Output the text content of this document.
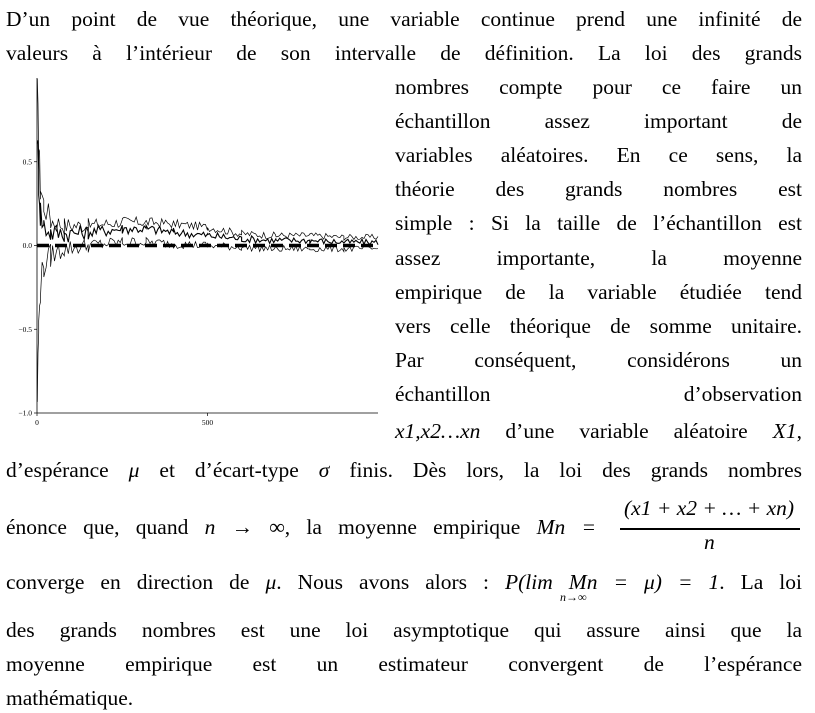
D’un point de vue théorique, une variable continue prend une infinité de
valeurs à l’intérieur de son intervalle de définition. La loi des grands
nombres compte pour ce faire un
échantillon assez important de
variables aléatoires. En ce sens, la
théorie des grands nombres est
simple : Si la taille de l’échantillon est
assez importante, la moyenne
empirique de la variable étudiée tend
vers celle théorique de somme unitaire.
Par conséquent, considérons un
échantillon d’observation
x1,x2…xn d’une variable aléatoire X1,
d’espérance μ et d’écart-type σ finis. Dès lors, la loi des grands nombres
énonce que, quand n → ∞, la moyenne empirique Mn =
(x1 + x2 + … + xn)
n
converge en direction de μ. Nous avons alors : P(lim Mn = μ) = 1. La loi
n→∞
des grands nombres est une loi asymptotique qui assure ainsi que la
moyenne empirique est un estimateur convergent de l’espérance
mathématique.
0.5
0.0
−0.5
−1.0
0	500
